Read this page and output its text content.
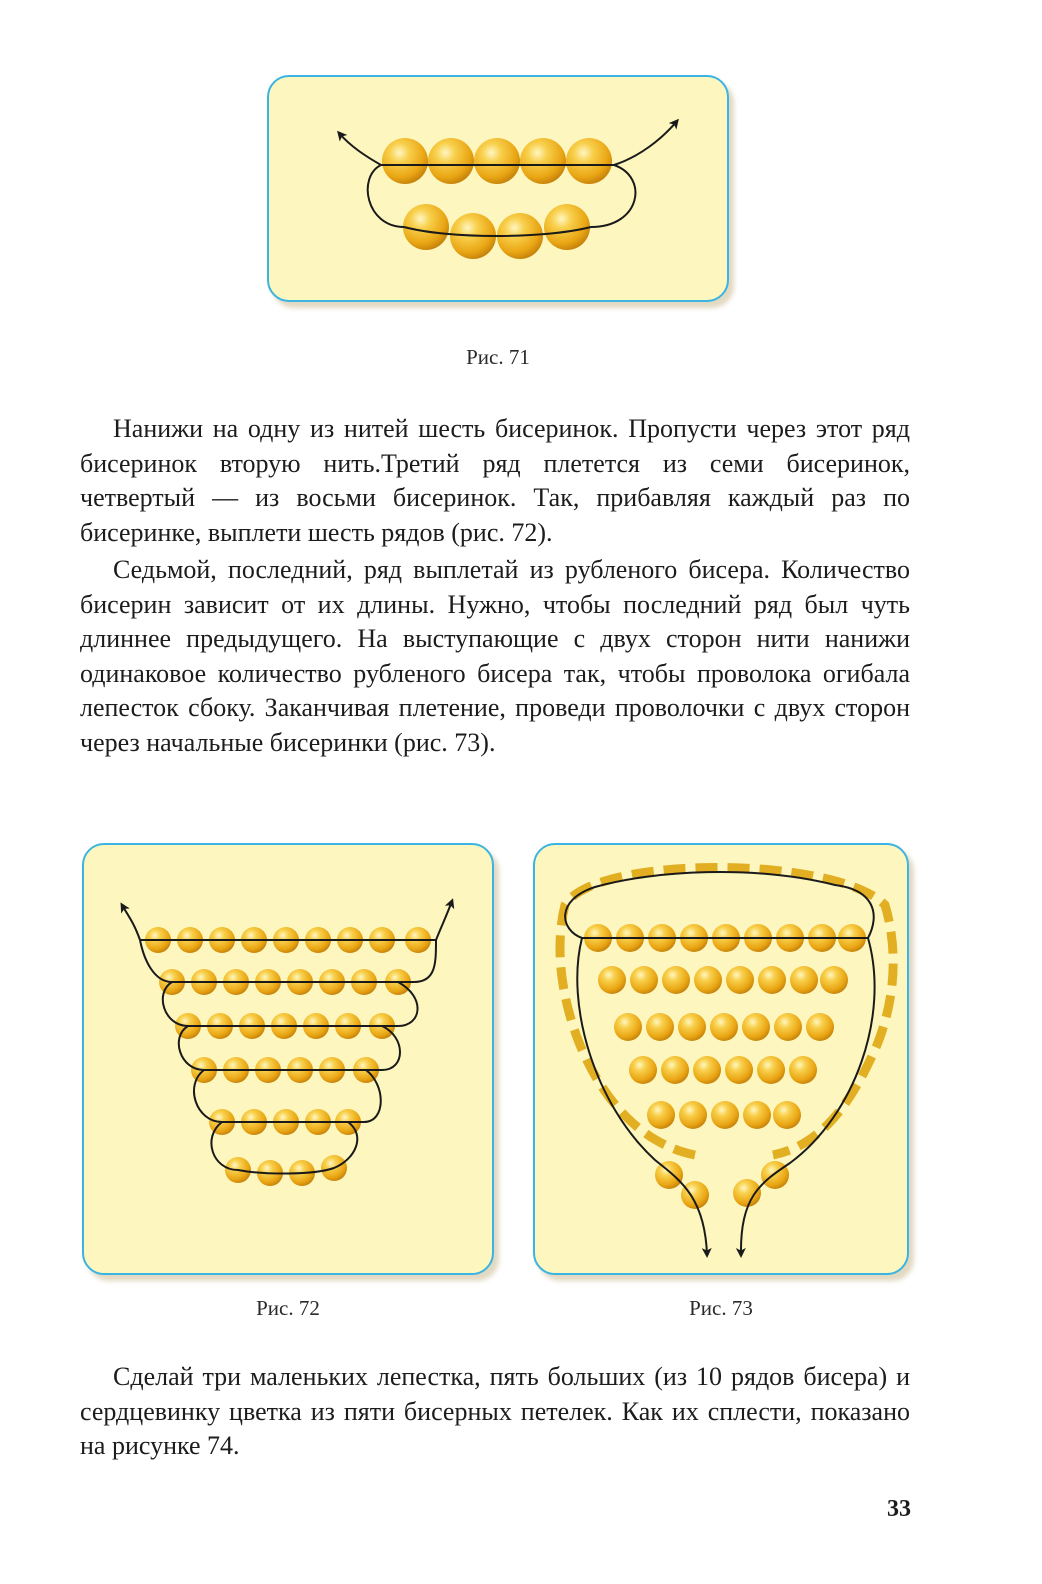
Рис. 71

Нанижи на одну из нитей шесть бисеринок. Пропусти через этот ряд бисеринок вторую нить.Третий ряд плетется из семи бисеринок, четвертый — из восьми бисеринок. Так, прибавляя каждый раз по бисеринке, выплети шесть рядов (рис. 72).

Седьмой, последний, ряд выплетай из рубленого бисера. Количество бисерин зависит от их длины. Нужно, чтобы последний ряд был чуть длиннее предыдущего. На выступающие с двух сторон нити нанижи одинаковое количество рубленого бисера так, чтобы проволока огибала лепесток сбоку. Заканчивая плетение, проведи проволочки с двух сторон через начальные бисеринки (рис. 73).

Рис. 72	Рис. 73

Сделай три маленьких лепестка, пять больших (из 10 рядов бисера) и сердцевинку цветка из пяти бисерных петелек. Как их сплести, показано на рисунке 74.

33
